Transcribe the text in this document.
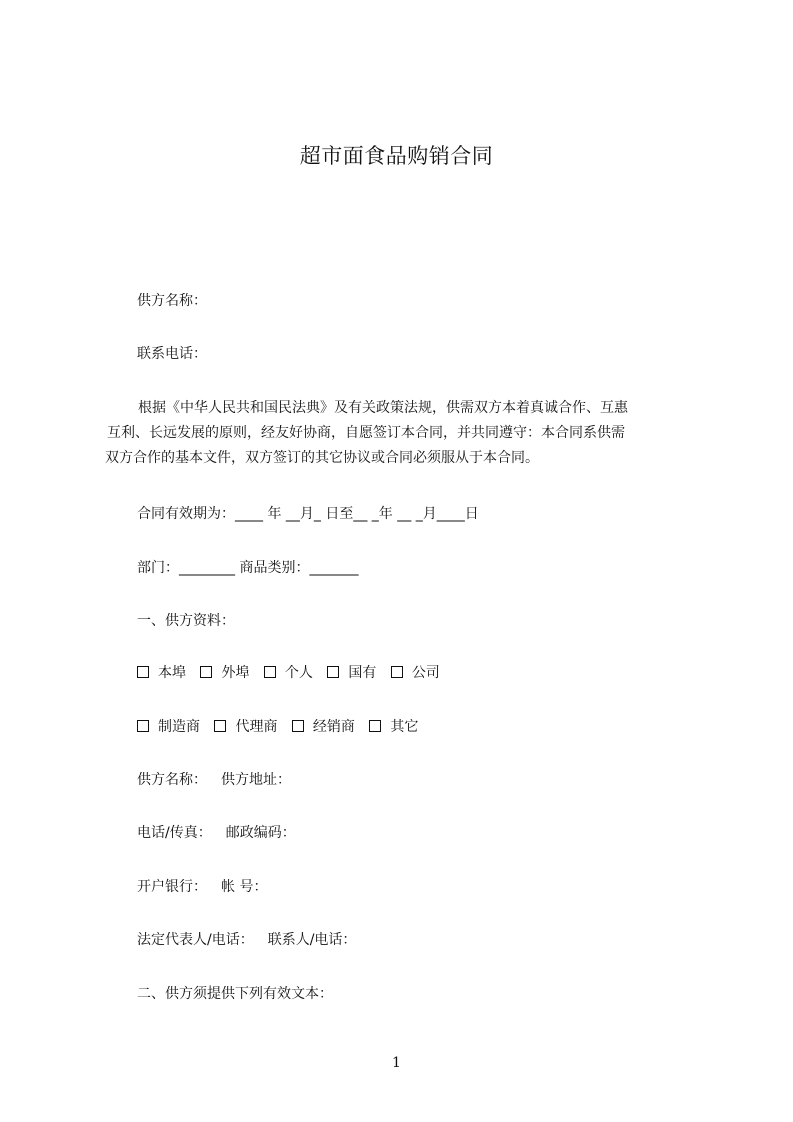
超市面食品购销合同
供方名称：
联系电话：
根据《中华人民共和国民法典》及有关政策法规，供需双方本着真诚合作、互惠
互利、长远发展的原则，经友好协商，自愿签订本合同，并共同遵守：本合同系供需
双方合作的基本文件，双方签订的其它协议或合同必须服从于本合同。
合同有效期为：____ 年 __月_ 日至__ _年 __ _月____日
部门：________ 商品类别：_______
一、供方资料：
本埠	外埠	个人	国有	公司
制造商	代理商	经销商	其它
供方名称： 供方地址：
电话/传真： 邮政编码：
开户银行： 帐 号：
法定代表人/电话： 联系人/电话：
二、供方须提供下列有效文本：
1
